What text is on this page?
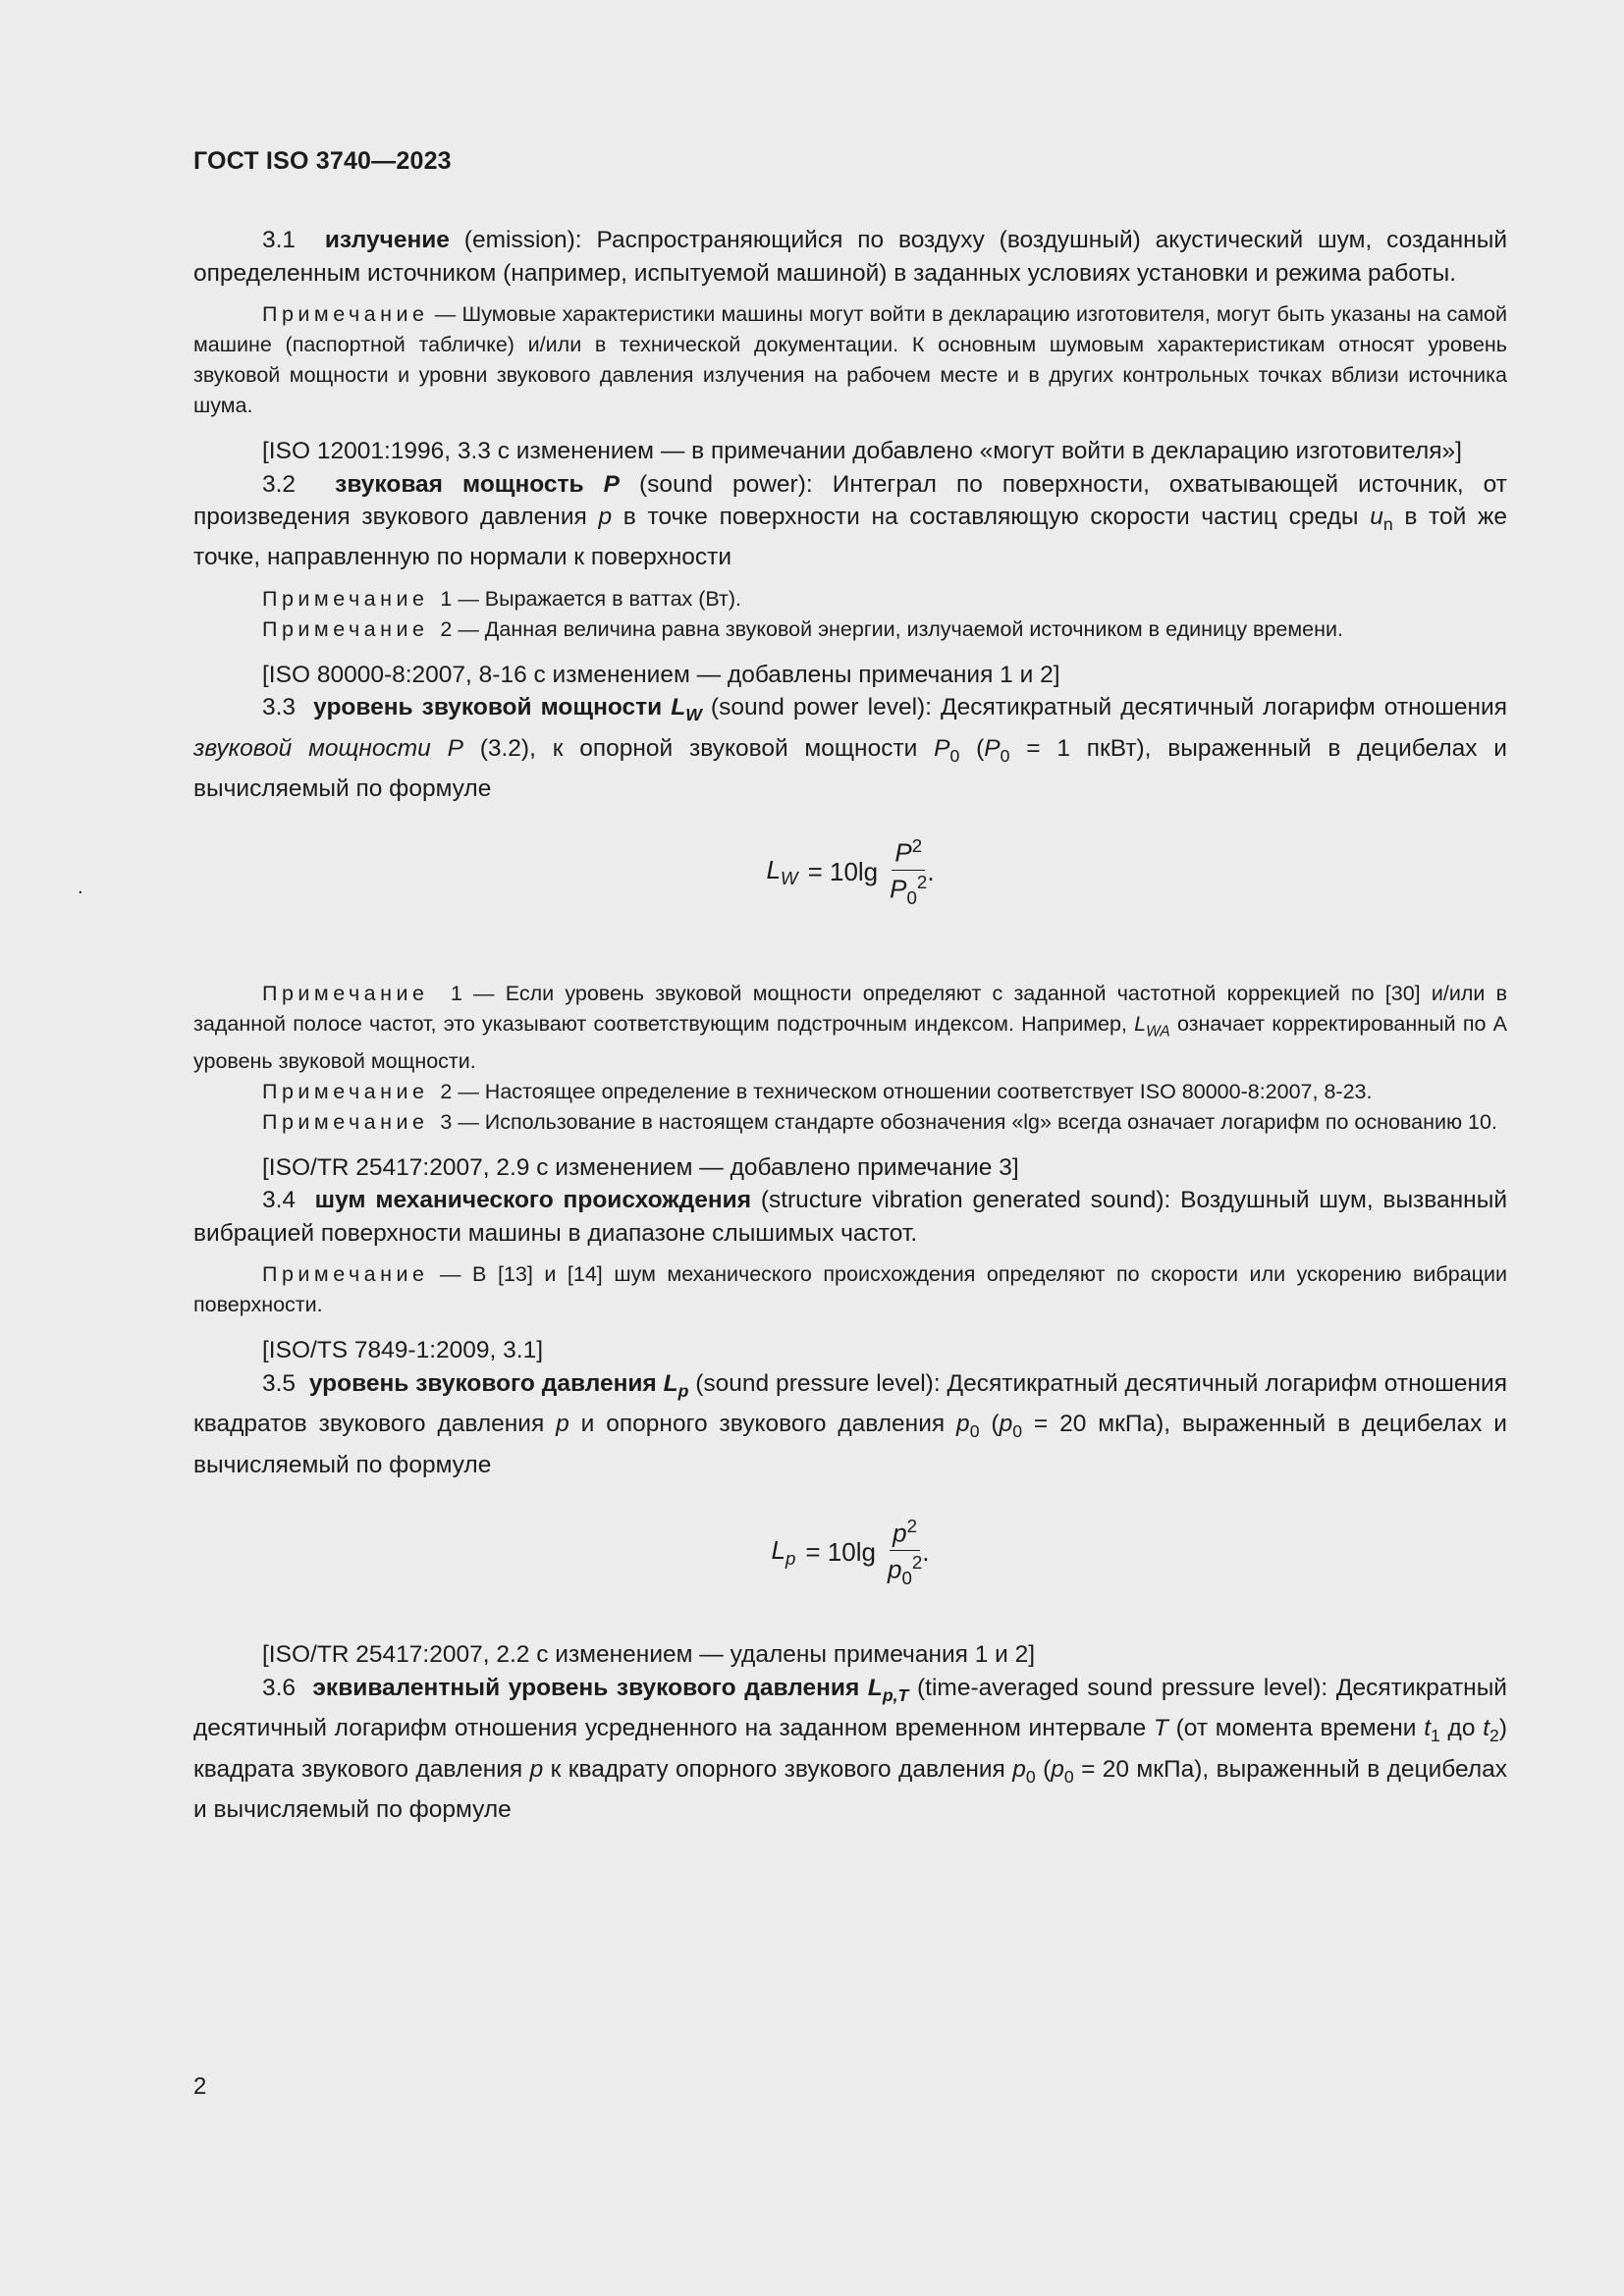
ГОСТ ISO 3740—2023

3.1 излучение (emission): Распространяющийся по воздуху (воздушный) акустический шум, созданный определенным источником (например, испытуемой машиной) в заданных условиях установки и режима работы.

Примечание — Шумовые характеристики машины могут войти в декларацию изготовителя, могут быть указаны на самой машине (паспортной табличке) и/или в технической документации. К основным шумовым характеристикам относят уровень звуковой мощности и уровни звукового давления излучения на рабочем месте и в других контрольных точках вблизи источника шума.

[ISO 12001:1996, 3.3 с изменением — в примечании добавлено «могут войти в декларацию изготовителя»]

3.2 звуковая мощность P (sound power): Интеграл по поверхности, охватывающей источник, от произведения звукового давления p в точке поверхности на составляющую скорости частиц среды $u_n$ в той же точке, направленную по нормали к поверхности

Примечание 1 — Выражается в ваттах (Вт).

Примечание 2 — Данная величина равна звуковой энергии, излучаемой источником в единицу времени.

[ISO 80000-8:2007, 8-16 с изменением — добавлены примечания 1 и 2]

3.3 уровень звуковой мощности $L_W$ (sound power level): Десятикратный десятичный логарифм отношения звуковой мощности P (3.2), к опорной звуковой мощности $P_0$ ($P_0 = 1$ пкВт), выраженный в децибелах и вычисляемый по формуле

.
$L_W = 10\lg \frac{P^2}{P_0^2}$ .

Примечание 1 — Если уровень звуковой мощности определяют с заданной частотной коррекцией по [30] и/или в заданной полосе частот, это указывают соответствующим подстрочным индексом. Например, $L_{WA}$ означает корректированный по А уровень звуковой мощности.

Примечание 2 — Настоящее определение в техническом отношении соответствует ISO 80000-8:2007, 8-23.

Примечание 3 — Использование в настоящем стандарте обозначения «lg» всегда означает логарифм по основанию 10.

[ISO/TR 25417:2007, 2.9 с изменением — добавлено примечание 3]

3.4 шум механического происхождения (structure vibration generated sound): Воздушный шум, вызванный вибрацией поверхности машины в диапазоне слышимых частот.

Примечание — В [13] и [14] шум механического происхождения определяют по скорости или ускорению вибрации поверхности.

[ISO/TS 7849-1:2009, 3.1]

3.5 уровень звукового давления $L_p$ (sound pressure level): Десятикратный десятичный логарифм отношения квадратов звукового давления p и опорного звукового давления $p_0$ ($p_0 = 20$ мкПа), выраженный в децибелах и вычисляемый по формуле

$L_p = 10\lg \frac{p^2}{p_0^2}$ .

[ISO/TR 25417:2007, 2.2 с изменением — удалены примечания 1 и 2]

3.6 эквивалентный уровень звукового давления $L_{p,T}$ (time-averaged sound pressure level): Десятикратный десятичный логарифм отношения усредненного на заданном временном интервале T (от момента времени $t_1$ до $t_2$) квадрата звукового давления p к квадрату опорного звукового давления $p_0$ ($p_0 = 20$ мкПа), выраженный в децибелах и вычисляемый по формуле

2
